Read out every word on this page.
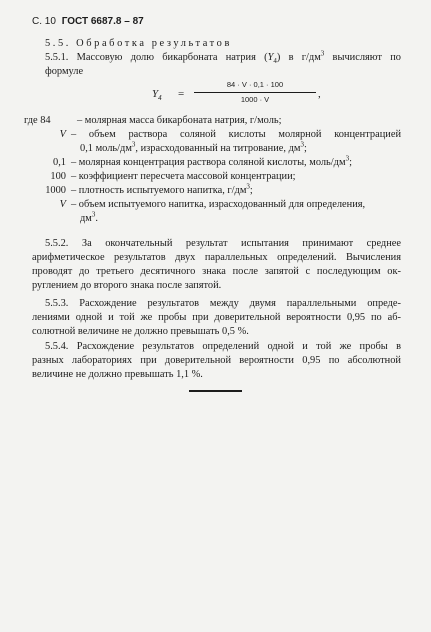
С. 10 ГОСТ 6687.8 – 87
5.5. Обработка результатов
5.5.1. Массовую долю бикарбоната натрия $(Y_4)$ в $г/дм^3$ вычисляют по
формуле
$Y_4$ =
84 · V · 0,1 · 100
1000 · V	,
где 84	– молярная масса бикарбоната натрия, г/моль;
V – объем раствора соляной кислоты молярной концентрацией
0,1 моль/$дм^3$, израсходованный на титрование, $дм^3$;
0,1 – молярная концентрация раствора соляной кислоты, моль/$дм^3$;
100 – коэффициент пересчета массовой концентрации;
1000 – плотность испытуемого напитка, $г/дм^3$;
V – объем испытуемого напитка, израсходованный для определения,
$дм^3$.
5.5.2. За окончательный результат испытания принимают среднее
арифметическое результатов двух параллельных определений. Вычисления
проводят до третьего десятичного знака после запятой с последующим ок-
руглением до второго знака после запятой.
5.5.3. Расхождение результатов между двумя параллельными опреде-
лениями одной и той же пробы при доверительной вероятности 0,95 по аб-
солютной величине не должно превышать 0,5 %.
5.5.4. Расхождение результатов определений одной и той же пробы в
разных лабораториях при доверительной вероятности 0,95 по абсолютной
величине не должно превышать 1,1 %.
